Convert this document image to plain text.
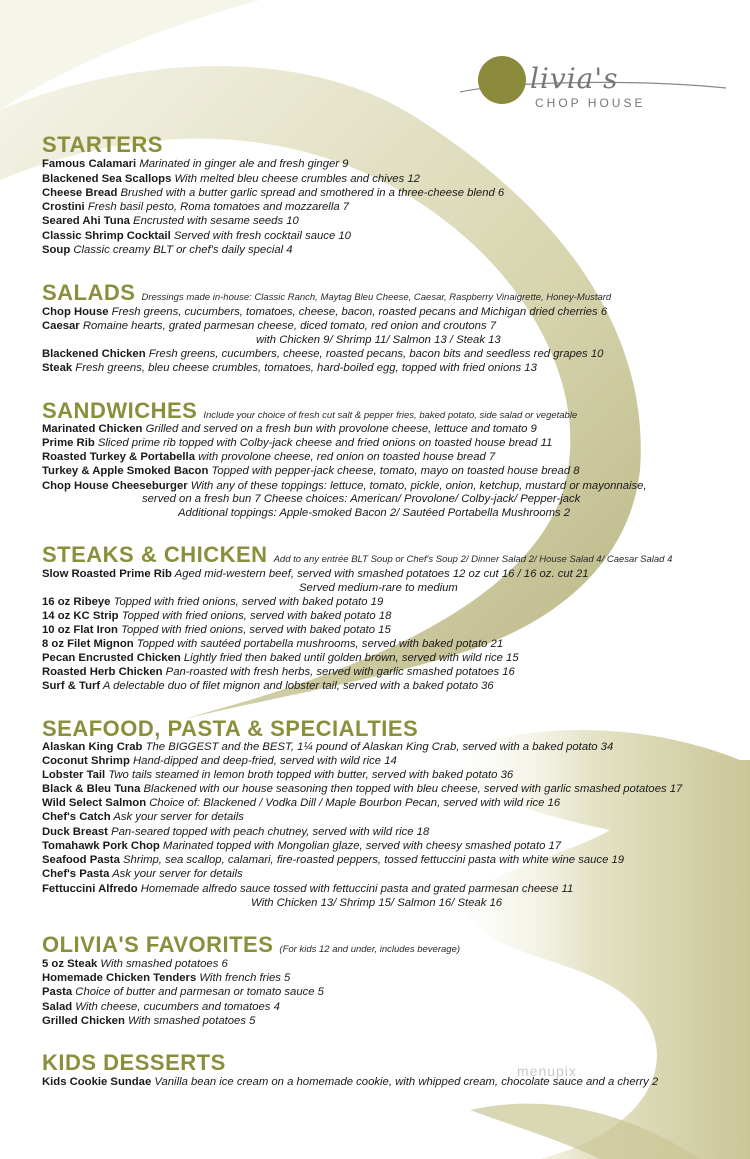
livia's
CHOP HOUSE
menupix
STARTERS
Famous Calamari Marinated in ginger ale and fresh ginger 9
Blackened Sea Scallops With melted bleu cheese crumbles and chives 12
Cheese Bread Brushed with a butter garlic spread and smothered in a three-cheese blend 6
Crostini Fresh basil pesto, Roma tomatoes and mozzarella 7
Seared Ahi Tuna Encrusted with sesame seeds 10
Classic Shrimp Cocktail Served with fresh cocktail sauce 10
Soup Classic creamy BLT or chef's daily special 4
SALADS Dressings made in-house: Classic Ranch, Maytag Bleu Cheese, Caesar, Raspberry Vinaigrette, Honey-Mustard
Chop House Fresh greens, cucumbers, tomatoes, cheese, bacon, roasted pecans and Michigan dried cherries 6
Caesar Romaine hearts, grated parmesan cheese, diced tomato, red onion and croutons 7
with Chicken 9/ Shrimp 11/ Salmon 13 / Steak 13
Blackened Chicken Fresh greens, cucumbers, cheese, roasted pecans, bacon bits and seedless red grapes 10
Steak Fresh greens, bleu cheese crumbles, tomatoes, hard-boiled egg, topped with fried onions 13
SANDWICHES Include your choice of fresh cut salt & pepper fries, baked potato, side salad or vegetable
Marinated Chicken Grilled and served on a fresh bun with provolone cheese, lettuce and tomato 9
Prime Rib Sliced prime rib topped with Colby-jack cheese and fried onions on toasted house bread 11
Roasted Turkey & Portabella with provolone cheese, red onion on toasted house bread 7
Turkey & Apple Smoked Bacon Topped with pepper-jack cheese, tomato, mayo on toasted house bread 8
Chop House Cheeseburger With any of these toppings: lettuce, tomato, pickle, onion, ketchup, mustard or mayonnaise,
served on a fresh bun 7 Cheese choices: American/ Provolone/ Colby-jack/ Pepper-jack
Additional toppings: Apple-smoked Bacon 2/ Sautéed Portabella Mushrooms 2
STEAKS & CHICKEN Add to any entrée BLT Soup or Chef's Soup 2/ Dinner Salad 2/ House Salad 4/ Caesar Salad 4
Slow Roasted Prime Rib Aged mid-western beef, served with smashed potatoes 12 oz cut 16 / 16 oz. cut 21
Served medium-rare to medium
16 oz Ribeye Topped with fried onions, served with baked potato 19
14 oz KC Strip Topped with fried onions, served with baked potato 18
10 oz Flat Iron Topped with fried onions, served with baked potato 15
8 oz Filet Mignon Topped with sautéed portabella mushrooms, served with baked potato 21
Pecan Encrusted Chicken Lightly fried then baked until golden brown, served with wild rice 15
Roasted Herb Chicken Pan-roasted with fresh herbs, served with garlic smashed potatoes 16
Surf & Turf A delectable duo of filet mignon and lobster tail, served with a baked potato 36
SEAFOOD, PASTA & SPECIALTIES
Alaskan King Crab The BIGGEST and the BEST, 1¼ pound of Alaskan King Crab, served with a baked potato 34
Coconut Shrimp Hand-dipped and deep-fried, served with wild rice 14
Lobster Tail Two tails steamed in lemon broth topped with butter, served with baked potato 36
Black & Bleu Tuna Blackened with our house seasoning then topped with bleu cheese, served with garlic smashed potatoes 17
Wild Select Salmon Choice of: Blackened / Vodka Dill / Maple Bourbon Pecan, served with wild rice 16
Chef's Catch Ask your server for details
Duck Breast Pan-seared topped with peach chutney, served with wild rice 18
Tomahawk Pork Chop Marinated topped with Mongolian glaze, served with cheesy smashed potato 17
Seafood Pasta Shrimp, sea scallop, calamari, fire-roasted peppers, tossed fettuccini pasta with white wine sauce 19
Chef's Pasta Ask your server for details
Fettuccini Alfredo Homemade alfredo sauce tossed with fettuccini pasta and grated parmesan cheese 11
With Chicken 13/ Shrimp 15/ Salmon 16/ Steak 16
OLIVIA'S FAVORITES (For kids 12 and under, includes beverage)
5 oz Steak With smashed potatoes 6
Homemade Chicken Tenders With french fries 5
Pasta Choice of butter and parmesan or tomato sauce 5
Salad With cheese, cucumbers and tomatoes 4
Grilled Chicken With smashed potatoes 5
KIDS DESSERTS
Kids Cookie Sundae Vanilla bean ice cream on a homemade cookie, with whipped cream, chocolate sauce and a cherry 2
